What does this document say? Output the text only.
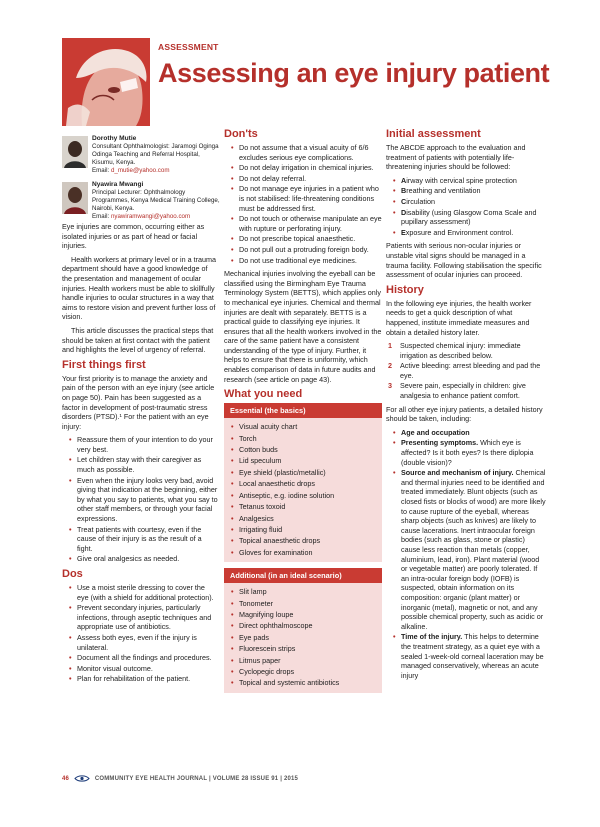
ASSESSMENT
Assessing an eye injury patient
Dorothy Mutie
Consultant Ophthalmologist: Jaramogi Oginga Odinga Teaching and Referral Hospital, Kisumu, Kenya.
Email: d_mutie@yahoo.com
Nyawira Mwangi
Principal Lecturer: Ophthalmology Programmes, Kenya Medical Training College, Nairobi, Kenya.
Email: nyawiramwangi@yahoo.com

Eye injuries are common, occurring either as isolated injuries or as part of head or facial injuries.

Health workers at primary level or in a trauma department should have a good knowledge of the presentation and management of ocular injuries. Health workers must be able to skillfully handle injuries to ocular structures in a way that aims to restore vision and prevent further loss of vision.

This article discusses the practical steps that should be taken at first contact with the patient and highlights the level of urgency of referral.

First things first

Your first priority is to manage the anxiety and pain of the person with an eye injury (see article on page 50). Pain has been suggested as a factor in development of post-traumatic stress disorders (PTSD).¹ For the patient with an eye injury:

• Reassure them of your intention to do your very best.
• Let children stay with their caregiver as much as possible.
• Even when the injury looks very bad, avoid giving that indication at the beginning, either by what you say to patients, what you say to other staff members, or through your facial expressions.
• Treat patients with courtesy, even if the cause of their injury is as the result of a fight.
• Give oral analgesics as needed.
Dos
• Use a moist sterile dressing to cover the eye (with a shield for additional protection).
• Prevent secondary injuries, particularly infections, through aseptic techniques and appropriate use of antibiotics.
• Assess both eyes, even if the injury is unilateral.
• Document all the findings and procedures.
• Monitor visual outcome.
• Plan for rehabilitation of the patient.
Don'ts
• Do not assume that a visual acuity of 6/6 excludes serious eye complications.
• Do not delay irrigation in chemical injuries.
• Do not delay referral.
• Do not manage eye injuries in a patient who is not stabilised: life-threatening conditions must be addressed first.
• Do not touch or otherwise manipulate an eye with rupture or perforating injury.
• Do not prescribe topical anaesthetic.
• Do not pull out a protruding foreign body.
• Do not use traditional eye medicines.

Mechanical injuries involving the eyeball can be classified using the Birmingham Eye Trauma Terminology System (BETTS), which applies only to mechanical eye injuries. Chemical and thermal injuries are dealt with separately. BETTS is a practical guide to classifying eye injuries. It ensures that all the health workers involved in the care of the same patient have a consistent understanding of the type of injury. Further, it helps to ensure that there is uniformity, which enables comparison of data in future audits and research (see article on page 43).

What you need
Essential (the basics)
• Visual acuity chart
• Torch
• Cotton buds
• Lid speculum
• Eye shield (plastic/metallic)
• Local anaesthetic drops
• Antiseptic, e.g. iodine solution
• Tetanus toxoid
• Analgesics
• Irrigating fluid
• Topical anaesthetic drops
• Gloves for examination
Additional (in an ideal scenario)
• Slit lamp
• Tonometer
• Magnifying loupe
• Direct ophthalmoscope
• Eye pads
• Fluorescein strips
• Litmus paper
• Cyclopegic drops
• Topical and systemic antibiotics
Initial assessment

The ABCDE approach to the evaluation and treatment of patients with potentially life-threatening injuries should be followed:

• Airway with cervical spine protection
• Breathing and ventilation
• Circulation
• Disability (using Glasgow Coma Scale and pupillary assessment)
• Exposure and Environment control.

Patients with serious non-ocular injuries or unstable vital signs should be managed in a trauma facility. Following stabilisation the specific assessment of ocular injuries can proceed.

History

In the following eye injuries, the health worker needs to get a quick description of what happened, institute immediate measures and obtain a detailed history later.

1 Suspected chemical injury: immediate irrigation as described below.
2 Active bleeding: arrest bleeding and pad the eye.
3 Severe pain, especially in children: give analgesia to enhance patient comfort.

For all other eye injury patients, a detailed history should be taken, including:

• Age and occupation
• Presenting symptoms. Which eye is affected? Is it both eyes? Is there diplopia (double vision)?
• Source and mechanism of injury. Chemical and thermal injuries need to be identified and treated immediately. Blunt objects (such as closed fists or blocks of wood) are more likely to cause rupture of the eyeball, whereas sharp objects (such as knives) are likely to cause lacerations. Inert intraocular foreign bodies (such as glass, stone or plastic) cause less reaction than metals (copper, aluminium, lead, iron). Plant material (wood or vegetable matter) are poorly tolerated. If an intra-ocular foreign body (IOFB) is suspected, obtain information on its composition: organic (plant matter) or inorganic (metal), magnetic or not, and any possible chemical property, such as acidic or alkaline.
• Time of the injury. This helps to determine the treatment strategy, as a quiet eye with a sealed 1-week-old corneal laceration may be managed conservatively, whereas an acute injury
46	COMMUNITY EYE HEALTH JOURNAL | VOLUME 28 ISSUE 91 | 2015
